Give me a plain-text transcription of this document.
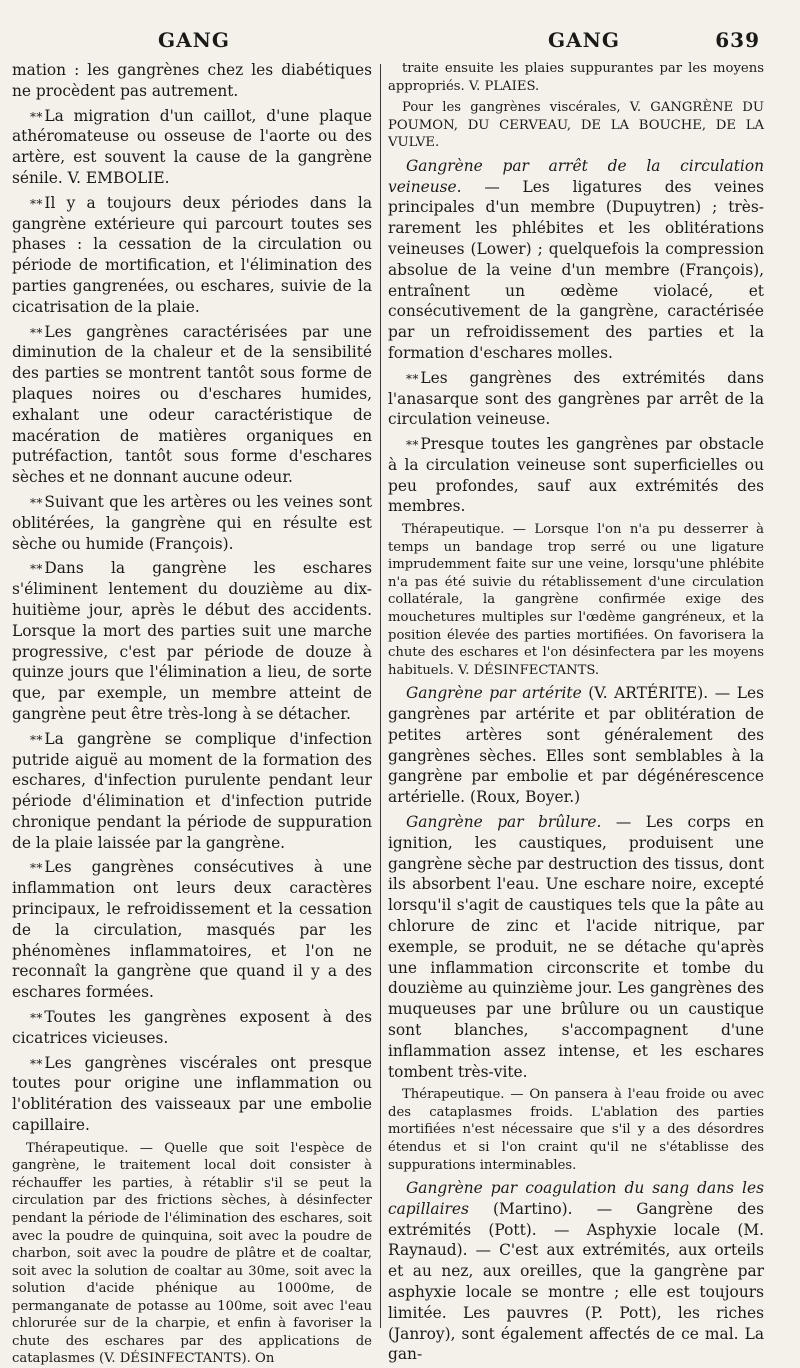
GANG	GANG	639

mation : les gangrènes chez les diabétiques ne procèdent pas autrement.

* * La migration d'un caillot, d'une plaque athéromateuse ou osseuse de l'aorte ou des artère, est souvent la cause de la gangrène sénile. V. EMBOLIE.

* * Il y a toujours deux périodes dans la gangrène extérieure qui parcourt toutes ses phases : la cessation de la circulation ou période de mortification, et l'élimination des parties gangrenées, ou eschares, suivie de la cicatrisation de la plaie.

* * Les gangrènes caractérisées par une diminution de la chaleur et de la sensibilité des parties se montrent tantôt sous forme de plaques noires ou d'eschares humides, exhalant une odeur caractéristique de macération de matières organiques en putréfaction, tantôt sous forme d'eschares sèches et ne donnant aucune odeur.

* * Suivant que les artères ou les veines sont oblitérées, la gangrène qui en résulte est sèche ou humide (François).

* * Dans la gangrène les eschares s'éliminent lentement du douzième au dix-huitième jour, après le début des accidents. Lorsque la mort des parties suit une marche progressive, c'est par période de douze à quinze jours que l'élimination a lieu, de sorte que, par exemple, un membre atteint de gangrène peut être très-long à se détacher.

* * La gangrène se complique d'infection putride aiguë au moment de la formation des eschares, d'infection purulente pendant leur période d'élimination et d'infection putride chronique pendant la période de suppuration de la plaie laissée par la gangrène.

* * Les gangrènes consécutives à une inflammation ont leurs deux caractères principaux, le refroidissement et la cessation de la circulation, masqués par les phénomènes inflammatoires, et l'on ne reconnaît la gangrène que quand il y a des eschares formées.

* * Toutes les gangrènes exposent à des cicatrices vicieuses.

* * Les gangrènes viscérales ont presque toutes pour origine une inflammation ou l'oblitération des vaisseaux par une embolie capillaire.

Thérapeutique. — Quelle que soit l'espèce de gangrène, le traitement local doit consister à réchauffer les parties, à rétablir s'il se peut la circulation par des frictions sèches, à désinfecter pendant la période de l'élimination des eschares, soit avec la poudre de quinquina, soit avec la poudre de charbon, soit avec la poudre de plâtre et de coaltar, soit avec la solution de coaltar au 30me, soit avec la solution d'acide phénique au 1000me, de permanganate de potasse au 100me, soit avec l'eau chlorurée sur de la charpie, et enfin à favoriser la chute des eschares par des applications de cataplasmes (V. DÉSINFECTANTS). On

traite ensuite les plaies suppurantes par les moyens appropriés. V. PLAIES.

Pour les gangrènes viscérales, V. GANGRÈNE DU POUMON, DU CERVEAU, DE LA BOUCHE, DE LA VULVE.

Gangrène par arrêt de la circulation veineuse. — Les ligatures des veines principales d'un membre (Dupuytren) ; très-rarement les phlébites et les oblitérations veineuses (Lower) ; quelquefois la compression absolue de la veine d'un membre (François), entraînent un œdème violacé, et consécutivement de la gangrène, caractérisée par un refroidissement des parties et la formation d'eschares molles.

* * Les gangrènes des extrémités dans l'anasarque sont des gangrènes par arrêt de la circulation veineuse.

* * Presque toutes les gangrènes par obstacle à la circulation veineuse sont superficielles ou peu profondes, sauf aux extrémités des membres.

Thérapeutique. — Lorsque l'on n'a pu desserrer à temps un bandage trop serré ou une ligature imprudemment faite sur une veine, lorsqu'une phlébite n'a pas été suivie du rétablissement d'une circulation collatérale, la gangrène confirmée exige des mouchetures multiples sur l'œdème gangréneux, et la position élevée des parties mortifiées. On favorisera la chute des eschares et l'on désinfectera par les moyens habituels. V. DÉSINFECTANTS.

Gangrène par artérite (V. ARTÉRITE). — Les gangrènes par artérite et par oblitération de petites artères sont généralement des gangrènes sèches. Elles sont semblables à la gangrène par embolie et par dégénérescence artérielle. (Roux, Boyer.)

Gangrène par brûlure. — Les corps en ignition, les caustiques, produisent une gangrène sèche par destruction des tissus, dont ils absorbent l'eau. Une eschare noire, excepté lorsqu'il s'agit de caustiques tels que la pâte au chlorure de zinc et l'acide nitrique, par exemple, se produit, ne se détache qu'après une inflammation circonscrite et tombe du douzième au quinzième jour. Les gangrènes des muqueuses par une brûlure ou un caustique sont blanches, s'accompagnent d'une inflammation assez intense, et les eschares tombent très-vite.

Thérapeutique. — On pansera à l'eau froide ou avec des cataplasmes froids. L'ablation des parties mortifiées n'est nécessaire que s'il y a des désordres étendus et si l'on craint qu'il ne s'établisse des suppurations interminables.

Gangrène par coagulation du sang dans les capillaires (Martino). — Gangrène des extrémités (Pott). — Asphyxie locale (M. Raynaud). — C'est aux extrémités, aux orteils et au nez, aux oreilles, que la gangrène par asphyxie locale se montre ; elle est toujours limitée. Les pauvres (P. Pott), les riches (Janroy), sont également affectés de ce mal. La gan-
